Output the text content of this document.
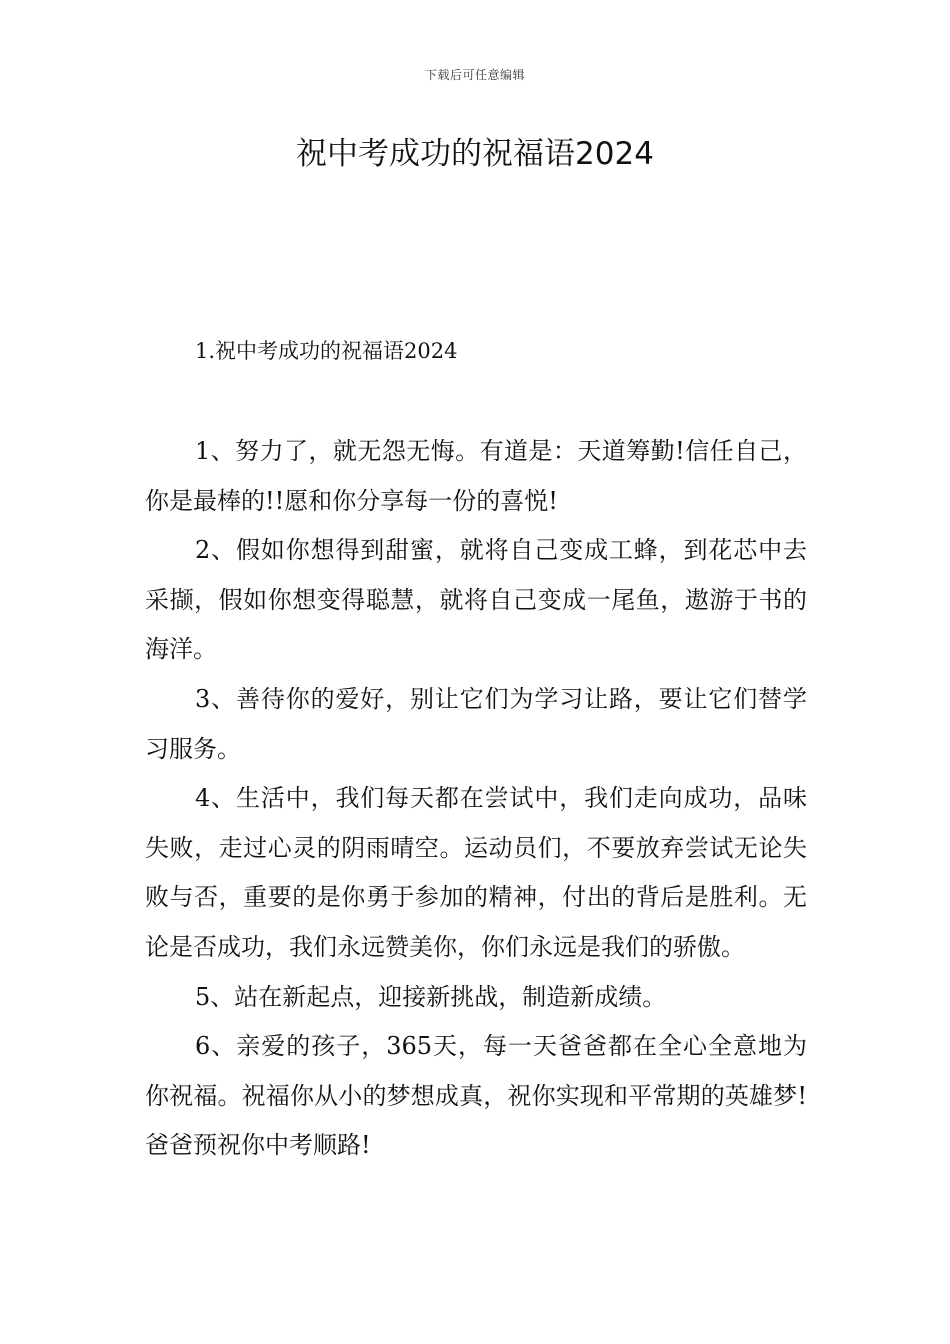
下载后可任意编辑
祝中考成功的祝福语2024
1.祝中考成功的祝福语2024

1、努力了，就无怨无悔。有道是：天道筹勤!信任自己，你是最棒的!!愿和你分享每一份的喜悦!

2、假如你想得到甜蜜，就将自己变成工蜂，到花芯中去采撷，假如你想变得聪慧，就将自己变成一尾鱼，遨游于书的海洋。

3、善待你的爱好，别让它们为学习让路，要让它们替学习服务。

4、生活中，我们每天都在尝试中，我们走向成功，品味失败，走过心灵的阴雨晴空。运动员们，不要放弃尝试无论失败与否，重要的是你勇于参加的精神，付出的背后是胜利。无论是否成功，我们永远赞美你，你们永远是我们的骄傲。

5、站在新起点，迎接新挑战，制造新成绩。

6、亲爱的孩子，365天，每一天爸爸都在全心全意地为你祝福。祝福你从小的梦想成真，祝你实现和平常期的英雄梦!爸爸预祝你中考顺路!
